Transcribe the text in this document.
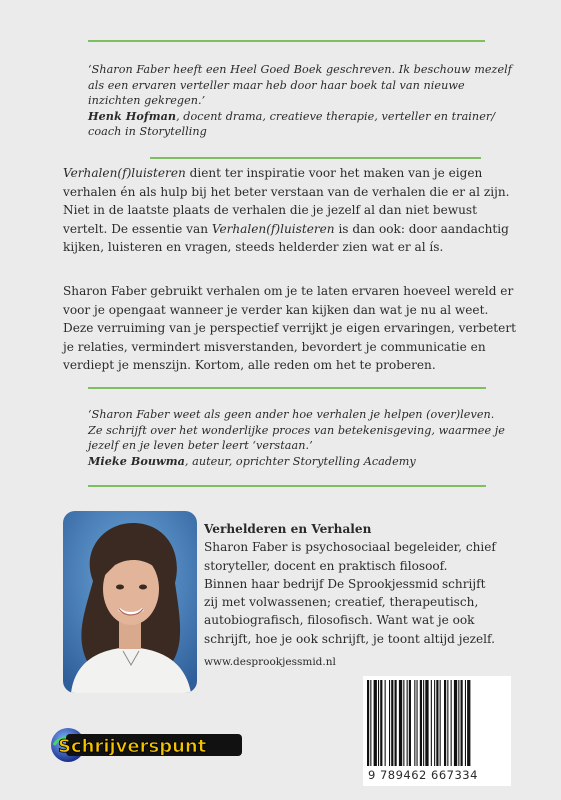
‘Sharon Faber heeft een Heel Goed Boek geschreven. Ik beschouw mezelf
als een ervaren verteller maar heb door haar boek tal van nieuwe
inzichten gekregen.’
Henk Hofman, docent drama, creatieve therapie, verteller en trainer/
coach in Storytelling
Verhalen(f)luisteren dient ter inspiratie voor het maken van je eigen
verhalen én als hulp bij het beter verstaan van de verhalen die er al zijn.
Niet in de laatste plaats de verhalen die je jezelf al dan niet bewust
vertelt. De essentie van Verhalen(f)luisteren is dan ook: door aandachtig
kijken, luisteren en vragen, steeds helderder zien wat er al ís.
Sharon Faber gebruikt verhalen om je te laten ervaren hoeveel wereld er
voor je opengaat wanneer je verder kan kijken dan wat je nu al weet.
Deze verruiming van je perspectief verrijkt je eigen ervaringen, verbetert
je relaties, vermindert misverstanden, bevordert je communicatie en
verdiept je menszijn. Kortom, alle reden om het te proberen.
‘Sharon Faber weet als geen ander hoe verhalen je helpen (over)leven.
Ze schrijft over het wonderlijke proces van betekenisgeving, waarmee je
jezelf en je leven beter leert ‘verstaan.’
Mieke Bouwma, auteur, oprichter Storytelling Academy
Verhelderen en Verhalen
Sharon Faber is psychosociaal begeleider, chief
storyteller, docent en praktisch filosoof.
Binnen haar bedrijf De Sprookjessmid schrijft
zij met volwassenen; creatief, therapeutisch,
autobiografisch, filosofisch. Want wat je ook
schrijft, hoe je ook schrijft, je toont altijd jezelf.
www.desprookjessmid.nl
Schrijverspunt
9 789462 667334
